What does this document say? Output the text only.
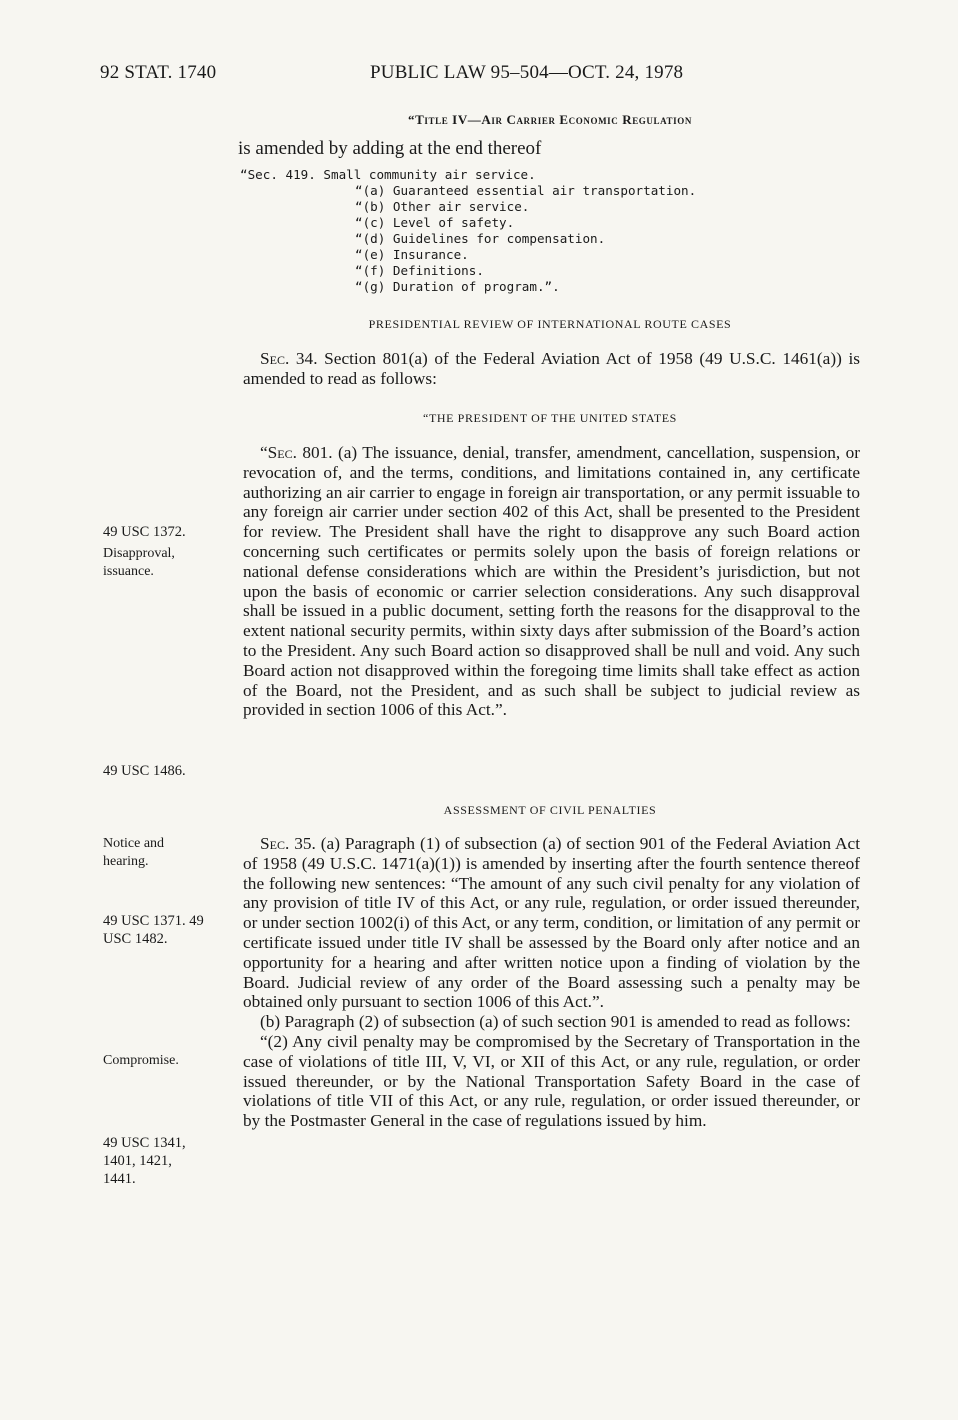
92 STAT. 1740	PUBLIC LAW 95–504—OCT. 24, 1978
“Title IV—Air Carrier Economic Regulation
is amended by adding at the end thereof
“Sec. 419. Small community air service.
“(a) Guaranteed essential air transportation.
“(b) Other air service.
“(c) Level of safety.
“(d) Guidelines for compensation.
“(e) Insurance.
“(f) Definitions.
“(g) Duration of program.”.
PRESIDENTIAL REVIEW OF INTERNATIONAL ROUTE CASES

Sec. 34. Section 801(a) of the Federal Aviation Act of 1958 (49 U.S.C. 1461(a)) is amended to read as follows:

“THE PRESIDENT OF THE UNITED STATES

“Sec. 801. (a) The issuance, denial, transfer, amendment, cancellation, suspension, or revocation of, and the terms, conditions, and limitations contained in, any certificate authorizing an air carrier to engage in foreign air transportation, or any permit issuable to any foreign air carrier under section 402 of this Act, shall be presented to the President for review. The President shall have the right to disapprove any such Board action concerning such certificates or permits solely upon the basis of foreign relations or national defense considerations which are within the President’s jurisdiction, but not upon the basis of economic or carrier selection considerations. Any such disapproval shall be issued in a public document, setting forth the reasons for the disapproval to the extent national security permits, within sixty days after submission of the Board’s action to the President. Any such Board action so disapproved shall be null and void. Any such Board action not disapproved within the foregoing time limits shall take effect as action of the Board, not the President, and as such shall be subject to judicial review as provided in section 1006 of this Act.”.

ASSESSMENT OF CIVIL PENALTIES

Sec. 35. (a) Paragraph (1) of subsection (a) of section 901 of the Federal Aviation Act of 1958 (49 U.S.C. 1471(a)(1)) is amended by inserting after the fourth sentence thereof the following new sentences: “The amount of any such civil penalty for any violation of any provision of title IV of this Act, or any rule, regulation, or order issued thereunder, or under section 1002(i) of this Act, or any term, condition, or limitation of any permit or certificate issued under title IV shall be assessed by the Board only after notice and an opportunity for a hearing and after written notice upon a finding of violation by the Board. Judicial review of any order of the Board assessing such a penalty may be obtained only pursuant to section 1006 of this Act.”.

(b) Paragraph (2) of subsection (a) of such section 901 is amended to read as follows:

“(2) Any civil penalty may be compromised by the Secretary of Transportation in the case of violations of title III, V, VI, or XII of this Act, or any rule, regulation, or order issued thereunder, or by the National Transportation Safety Board in the case of violations of title VII of this Act, or any rule, regulation, or order issued thereunder, or by the Postmaster General in the case of regulations issued by him.

49 USC 1372.
Disapproval, issuance.
49 USC 1486.
Notice and hearing.
49 USC 1371. 49 USC 1482.
Compromise.
49 USC 1341, 1401, 1421, 1441.
